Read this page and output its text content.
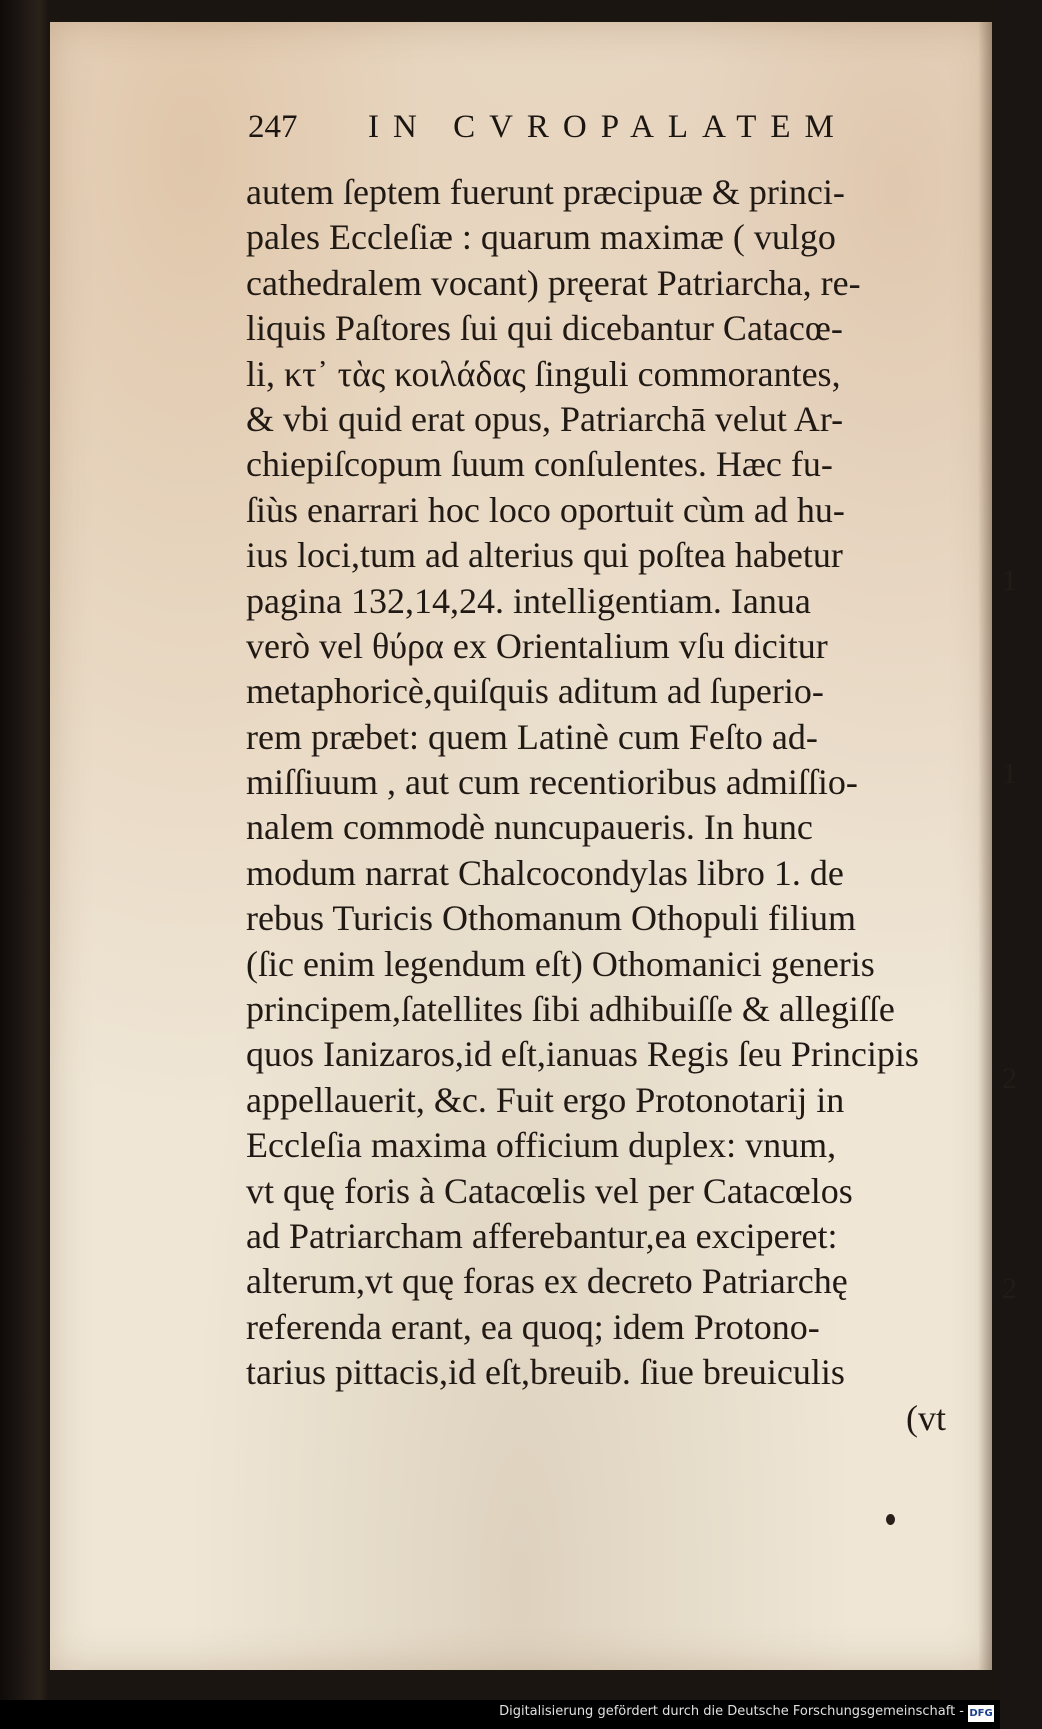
1
1
2
2
247 IN CVROPALATEM
autem ſeptem fuerunt præcipuæ & princi-
pales Eccleſiæ : quarum maximæ ( vulgo
cathedralem vocant) pręerat Patriarcha, re-
liquis Paſtores ſui qui dicebantur Catacœ-
li, κτ᾽ τὰς κοιλάδας ſinguli commorantes,
& vbi quid erat opus, Patriarchā velut Ar-
chiepiſcopum ſuum conſulentes. Hæc fu-
ſiùs enarrari hoc loco oportuit cùm ad hu-
ius loci,tum ad alterius qui poſtea habetur
pagina 132,14,24. intelligentiam. Ianua
verò vel θύρα ex Orientalium vſu dicitur
metaphoricè,quiſquis aditum ad ſuperio-
rem præbet: quem Latinè cum Feſto ad-
miſſiuum , aut cum recentioribus admiſſio-
nalem commodè nuncupaueris. In hunc
modum narrat Chalcocondylas libro 1. de
rebus Turicis Othomanum Othopuli filium
(ſic enim legendum eſt) Othomanici generis
principem,ſatellites ſibi adhibuiſſe & allegiſſe
quos Ianizaros,id eſt,ianuas Regis ſeu Principis
appellauerit, &c. Fuit ergo Protonotarij in
Eccleſia maxima officium duplex: vnum,
vt quę foris à Catacœlis vel per Catacœlos
ad Patriarcham afferebantur,ea exciperet:
alterum,vt quę foras ex decreto Patriarchę
referenda erant, ea quoq; idem Protono-
tarius pittacis,id eſt,breuib. ſiue breuiculis
(vt
Digitalisierung gefördert durch die Deutsche Forschungsgemeinschaft - DFG
